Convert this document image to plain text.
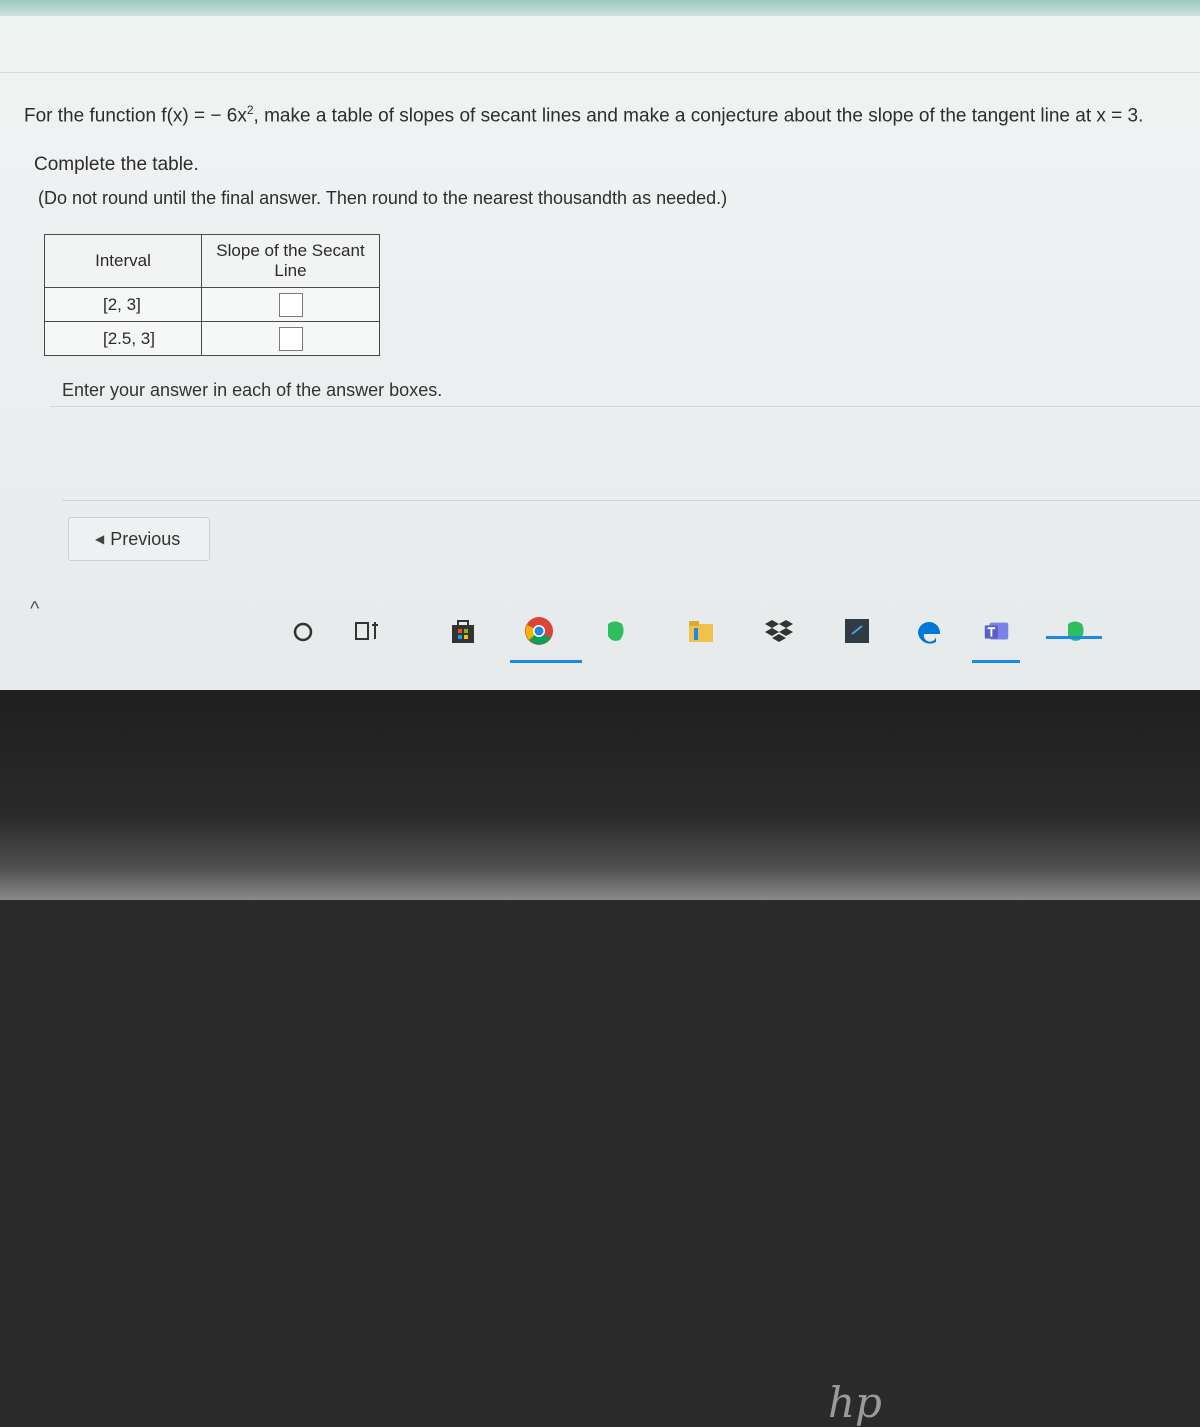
For the function f(x) = − $6x^2$, make a table of slopes of secant lines and make a conjecture about the slope of the tangent line at x = 3.
Complete the table.
(Do not round until the final answer. Then round to the nearest thousandth as needed.)
Interval	Slope of the Secant Line
[2, 3]	
[2.5, 3]	
Enter your answer in each of the answer boxes.
◀ Previous
^
hp
